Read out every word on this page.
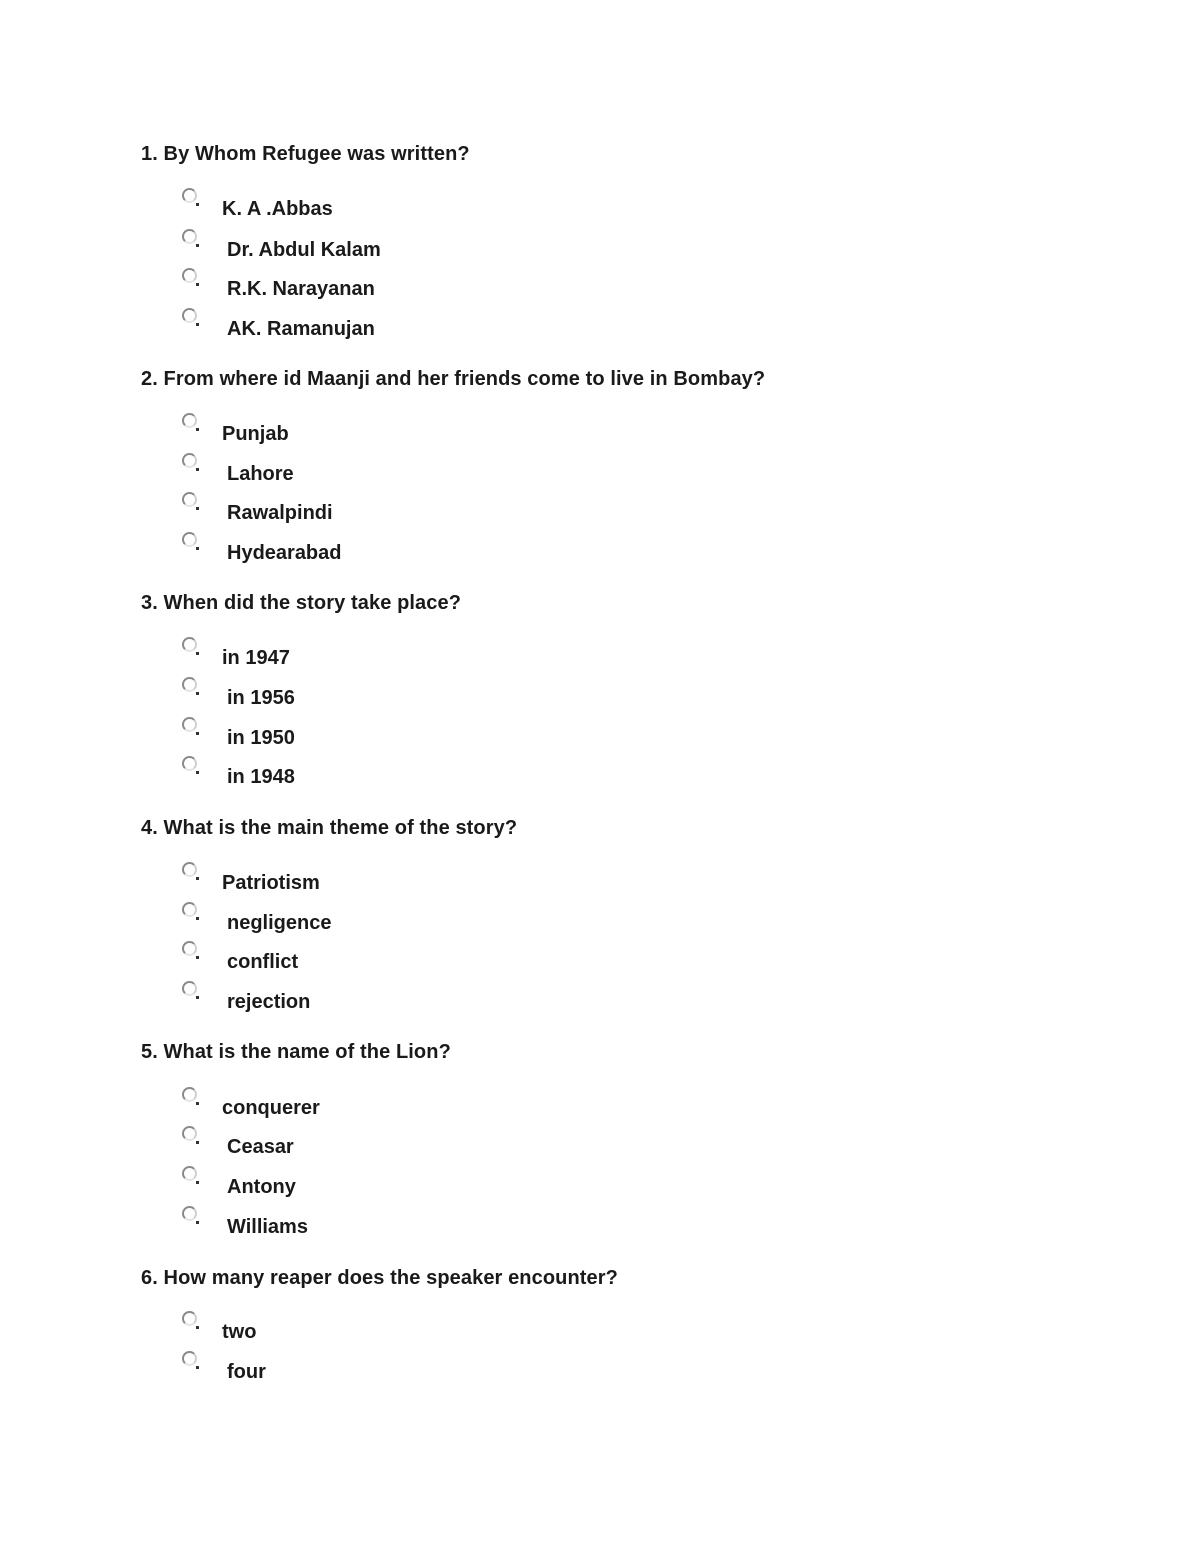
1. By Whom Refugee was written?

K. A .Abbas
Dr. Abdul Kalam
R.K. Narayanan
AK. Ramanujan

2. From where id Maanji and her friends come to live in Bombay?

Punjab
Lahore
Rawalpindi
Hydearabad

3. When did the story take place?

in 1947
in 1956
in 1950
in 1948

4. What is the main theme of the story?

Patriotism
negligence
conflict
rejection

5. What is the name of the Lion?

conquerer
Ceasar
Antony
Williams

6. How many reaper does the speaker encounter?

two
four
